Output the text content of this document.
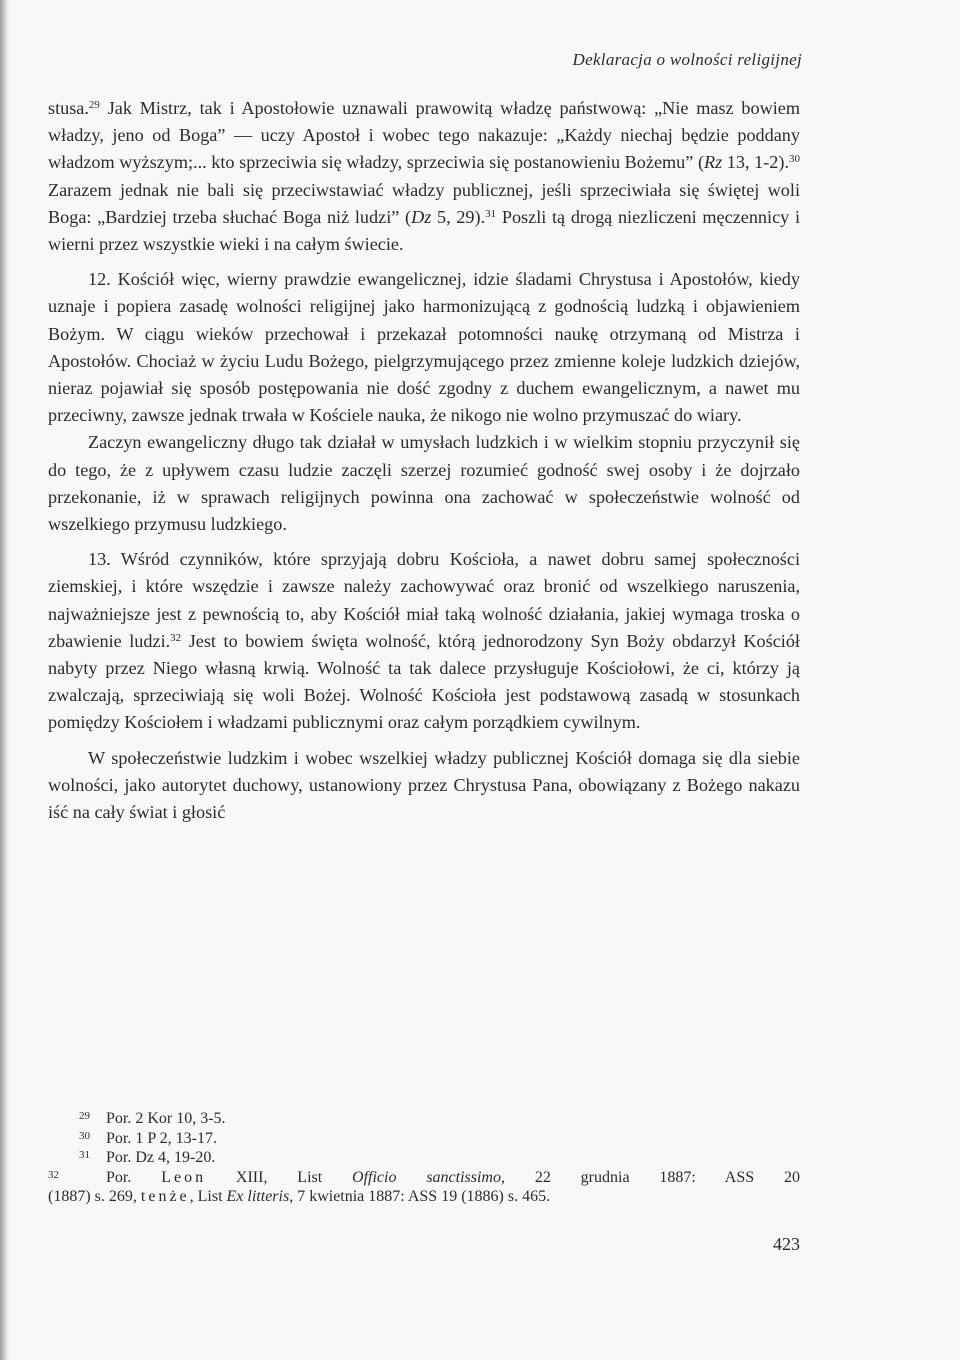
Deklaracja o wolności religijnej

stusa.$^{29}$ Jak Mistrz, tak i Apostołowie uznawali prawowitą władzę państwową: „Nie masz bowiem władzy, jeno od Boga” — uczy Apostoł i wobec tego nakazuje: „Każdy niechaj będzie poddany władzom wyższym;... kto sprzeciwia się władzy, sprzeciwia się postanowieniu Bożemu” (Rz 13, 1-2).$^{30}$ Zarazem jednak nie bali się przeciwstawiać władzy publicznej, jeśli sprzeciwiała się świętej woli Boga: „Bardziej trzeba słuchać Boga niż ludzi” (Dz 5, 29).$^{31}$ Poszli tą drogą niezliczeni męczennicy i wierni przez wszystkie wieki i na całym świecie.

12. Kościół więc, wierny prawdzie ewangelicznej, idzie śladami Chrystusa i Apostołów, kiedy uznaje i popiera zasadę wolności religijnej jako harmonizującą z godnością ludzką i objawieniem Bożym. W ciągu wieków przechował i przekazał potomności naukę otrzymaną od Mistrza i Apostołów. Chociaż w życiu Ludu Bożego, pielgrzymującego przez zmienne koleje ludzkich dziejów, nieraz pojawiał się sposób postępowania nie dość zgodny z duchem ewangelicznym, a nawet mu przeciwny, zawsze jednak trwała w Kościele nauka, że nikogo nie wolno przymuszać do wiary.

Zaczyn ewangeliczny długo tak działał w umysłach ludzkich i w wielkim stopniu przyczynił się do tego, że z upływem czasu ludzie zaczęli szerzej rozumieć godność swej osoby i że dojrzało przekonanie, iż w sprawach religijnych powinna ona zachować w społeczeństwie wolność od wszelkiego przymusu ludzkiego.

13. Wśród czynników, które sprzyjają dobru Kościoła, a nawet dobru samej społeczności ziemskiej, i które wszędzie i zawsze należy zachowywać oraz bronić od wszelkiego naruszenia, najważniejsze jest z pewnością to, aby Kościół miał taką wolność działania, jakiej wymaga troska o zbawienie ludzi.$^{32}$ Jest to bowiem święta wolność, którą jednorodzony Syn Boży obdarzył Kościół nabyty przez Niego własną krwią. Wolność ta tak dalece przysługuje Kościołowi, że ci, którzy ją zwalczają, sprzeciwiają się woli Bożej. Wolność Kościoła jest podstawową zasadą w stosunkach pomiędzy Kościołem i władzami publicznymi oraz całym porządkiem cywilnym.

W społeczeństwie ludzkim i wobec wszelkiej władzy publicznej Kościół domaga się dla siebie wolności, jako autorytet duchowy, ustanowiony przez Chrystusa Pana, obowiązany z Bożego nakazu iść na cały świat i głosić

$^{29}$ Por. 2 Kor 10, 3-5.
$^{30}$ Por. 1 P 2, 13-17.
$^{31}$ Por. Dz 4, 19-20.
$^{32}$	Por. Leon XIII, List Officio sanctissimo, 22 grudnia 1887: ASS 20
(1887) s. 269, tenże, List Ex litteris, 7 kwietnia 1887: ASS 19 (1886) s. 465.
423
